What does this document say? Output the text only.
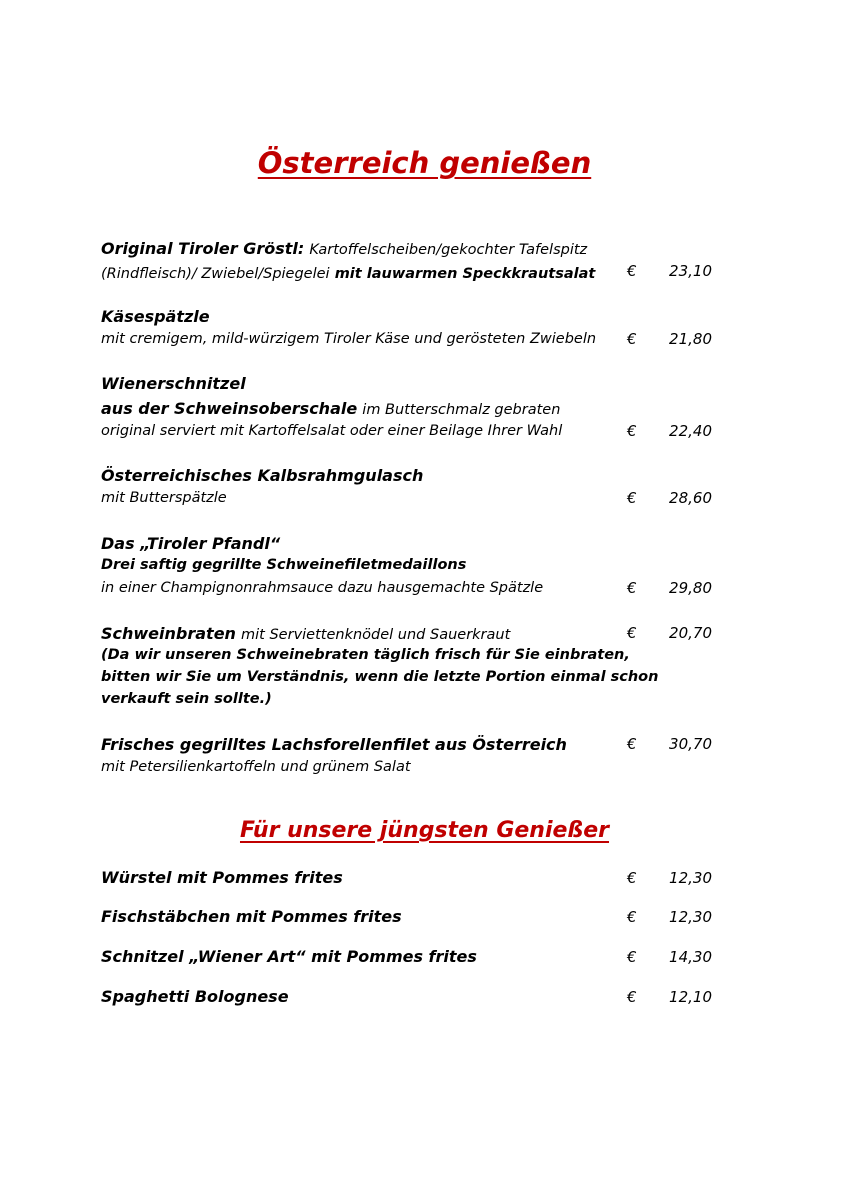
Österreich genießen
Original Tiroler Gröstl: Kartoffelscheiben/gekochter Tafelspitz
(Rindfleisch)/ Zwiebel/Spiegelei mit lauwarmen Speckkrautsalat €	23,10
Käsespätzle
mit cremigem, mild-würzigem Tiroler Käse und gerösteten Zwiebeln €	21,80
Wienerschnitzel
aus der Schweinsoberschale im Butterschmalz gebraten
original serviert mit Kartoffelsalat oder einer Beilage Ihrer Wahl	€	22,40
Österreichisches Kalbsrahmgulasch
mit Butterspätzle	€	28,60
Das „Tiroler Pfandl“
Drei saftig gegrillte Schweinefiletmedaillons
in einer Champignonrahmsauce dazu hausgemachte Spätzle	€	29,80
Schweinbraten mit Serviettenknödel und Sauerkraut	€	20,70
(Da wir unseren Schweinebraten täglich frisch für Sie einbraten,
bitten wir Sie um Verständnis, wenn die letzte Portion einmal schon
verkauft sein sollte.)
Frisches gegrilltes Lachsforellenfilet aus Österreich
mit Petersilienkartoffeln und grünem Salat
€	30,70
Für unsere jüngsten Genießer
Würstel mit Pommes frites	€	12,30
Fischstäbchen mit Pommes frites	€	12,30
Schnitzel „Wiener Art“ mit Pommes frites	€	14,30
Spaghetti Bolognese	€	12,10
